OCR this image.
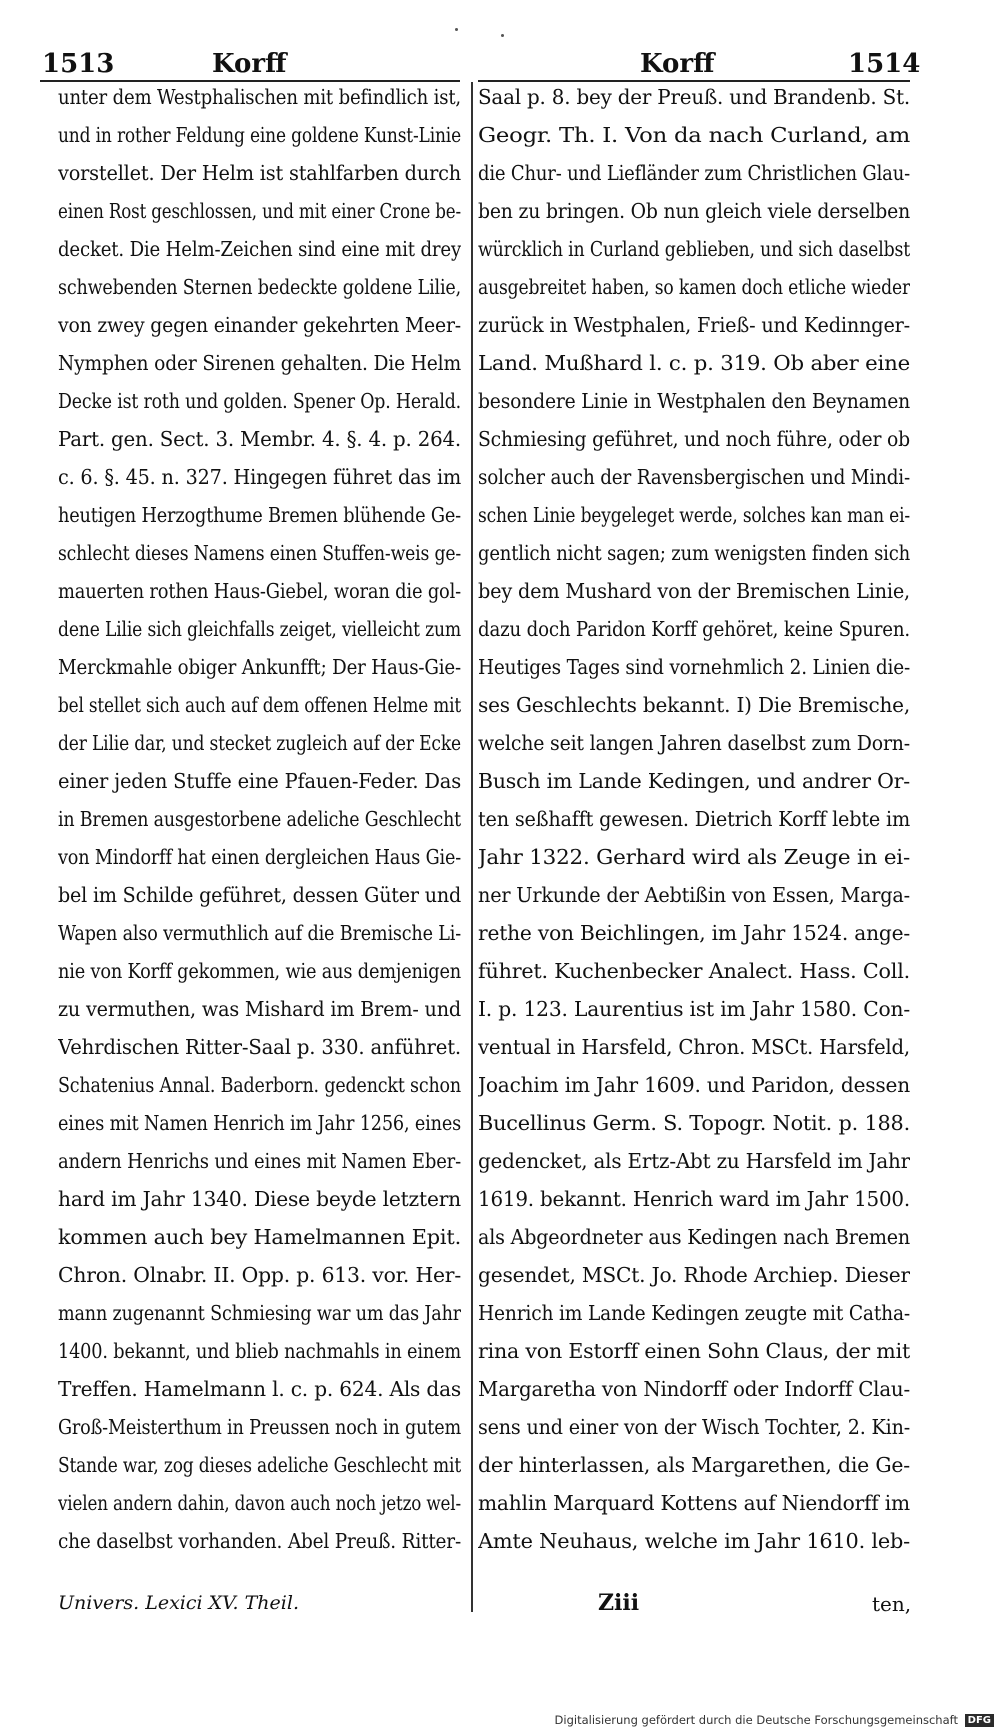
1513	Korff	Korff	1514
unter dem Westphalischen mit befindlich ist,
und in rother Feldung eine goldene Kunst-Linie
vorstellet. Der Helm ist stahlfarben durch
einen Rost geschlossen, und mit einer Crone be-
decket. Die Helm-Zeichen sind eine mit drey
schwebenden Sternen bedeckte goldene Lilie,
von zwey gegen einander gekehrten Meer-
Nymphen oder Sirenen gehalten. Die Helm
Decke ist roth und golden. Spener Op. Herald.
Part. gen. Sect. 3. Membr. 4. §. 4. p. 264.
c. 6. §. 45. n. 327. Hingegen führet das im
heutigen Herzogthume Bremen blühende Ge-
schlecht dieses Namens einen Stuffen-weis ge-
mauerten rothen Haus-Giebel, woran die gol-
dene Lilie sich gleichfalls zeiget, vielleicht zum
Merckmahle obiger Ankunfft; Der Haus-Gie-
bel stellet sich auch auf dem offenen Helme mit
der Lilie dar, und stecket zugleich auf der Ecke
einer jeden Stuffe eine Pfauen-Feder. Das
in Bremen ausgestorbene adeliche Geschlecht
von Mindorff hat einen dergleichen Haus Gie-
bel im Schilde geführet, dessen Güter und
Wapen also vermuthlich auf die Bremische Li-
nie von Korff gekommen, wie aus demjenigen
zu vermuthen, was Mishard im Brem- und
Vehrdischen Ritter-Saal p. 330. anführet.
Schatenius Annal. Baderborn. gedenckt schon
eines mit Namen Henrich im Jahr 1256, eines
andern Henrichs und eines mit Namen Eber-
hard im Jahr 1340. Diese beyde letztern
kommen auch bey Hamelmannen Epit.
Chron. Olnabr. II. Opp. p. 613. vor. Her-
mann zugenannt Schmiesing war um das Jahr
1400. bekannt, und blieb nachmahls in einem
Treffen. Hamelmann l. c. p. 624. Als das
Groß-Meisterthum in Preussen noch in gutem
Stande war, zog dieses adeliche Geschlecht mit
vielen andern dahin, davon auch noch jetzo wel-
che daselbst vorhanden. Abel Preuß. Ritter-
Saal p. 8. bey der Preuß. und Brandenb. St.
Geogr. Th. I. Von da nach Curland, am
die Chur- und Liefländer zum Christlichen Glau-
ben zu bringen. Ob nun gleich viele derselben
würcklich in Curland geblieben, und sich daselbst
ausgebreitet haben, so kamen doch etliche wieder
zurück in Westphalen, Frieß- und Kedinnger-
Land. Mußhard l. c. p. 319. Ob aber eine
besondere Linie in Westphalen den Beynamen
Schmiesing geführet, und noch führe, oder ob
solcher auch der Ravensbergischen und Mindi-
schen Linie beygeleget werde, solches kan man ei-
gentlich nicht sagen; zum wenigsten finden sich
bey dem Mushard von der Bremischen Linie,
dazu doch Paridon Korff gehöret, keine Spuren.
Heutiges Tages sind vornehmlich 2. Linien die-
ses Geschlechts bekannt. I) Die Bremische,
welche seit langen Jahren daselbst zum Dorn-
Busch im Lande Kedingen, und andrer Or-
ten seßhafft gewesen. Dietrich Korff lebte im
Jahr 1322. Gerhard wird als Zeuge in ei-
ner Urkunde der Aebtißin von Essen, Marga-
rethe von Beichlingen, im Jahr 1524. ange-
führet. Kuchenbecker Analect. Hass. Coll.
I. p. 123. Laurentius ist im Jahr 1580. Con-
ventual in Harsfeld, Chron. MSCt. Harsfeld,
Joachim im Jahr 1609. und Paridon, dessen
Bucellinus Germ. S. Topogr. Notit. p. 188.
gedencket, als Ertz-Abt zu Harsfeld im Jahr
1619. bekannt. Henrich ward im Jahr 1500.
als Abgeordneter aus Kedingen nach Bremen
gesendet, MSCt. Jo. Rhode Archiep. Dieser
Henrich im Lande Kedingen zeugte mit Catha-
rina von Estorff einen Sohn Claus, der mit
Margaretha von Nindorff oder Indorff Clau-
sens und einer von der Wisch Tochter, 2. Kin-
der hinterlassen, als Margarethen, die Ge-
mahlin Marquard Kottens auf Niendorff im
Amte Neuhaus, welche im Jahr 1610. leb-
Univers. Lexici XV. Theil.	Ziii	ten,
Digitalisierung gefördert durch die Deutsche Forschungsgemeinschaft DFG
